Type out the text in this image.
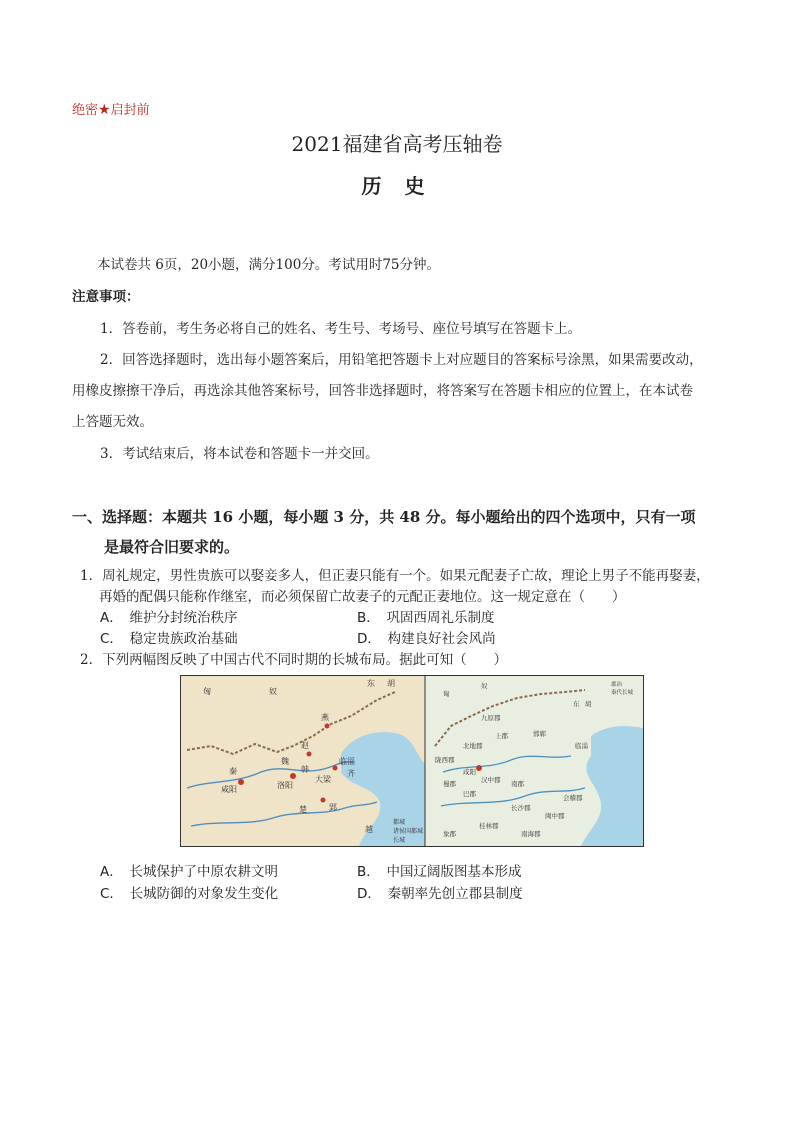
绝密★启封前
2021福建省高考压轴卷
历 史
本试卷共 6页，20小题，满分100分。考试用时75分钟。
注意事项：
1．答卷前，考生务必将自己的姓名、考生号、考场号、座位号填写在答题卡上。
2．回答选择题时，选出每小题答案后，用铅笔把答题卡上对应题目的答案标号涂黑，如果需要改动，
用橡皮擦擦干净后，再选涂其他答案标号，回答非选择题时，将答案写在答题卡相应的位置上，在本试卷
上答题无效。
3．考试结束后，将本试卷和答题卡一并交回。
一、选择题：本题共 16 小题，每小题 3 分，共 48 分。每小题给出的四个选项中，只有一项
是最符合旧要求的。
1．周礼规定，男性贵族可以娶妾多人，但正妻只能有一个。如果元配妻子亡故，理论上男子不能再娶妻，
再婚的配偶只能称作继室，而必须保留亡故妻子的元配正妻地位。这一规定意在（　　）
A．　维护分封统治秩序	B．　巩固西周礼乐制度
C．　稳定贵族政治基础	D．　构建良好社会风尚
2．下列两幅图反映了中国古代不同时期的长城布局。据此可知（　　）
匈	奴 东 胡 燕 赵 秦 咸阳	洛阳 临淄 魏 齐 韩 楚 大梁 郢 越
都城 诸侯国都城 长城
匈 奴 东 胡 九原郡 陇西郡 北地郡 上郡	邯郸 临淄 汉中郡 咸阳 南郡 巴郡 蜀郡 长沙郡 会稽郡 闽中郡 桂林郡 南海郡 象郡
郡治 秦代长城
A．　长城保护了中原农耕文明	B．　中国辽阔版图基本形成
C．　长城防御的对象发生变化	D．　秦朝率先创立郡县制度
